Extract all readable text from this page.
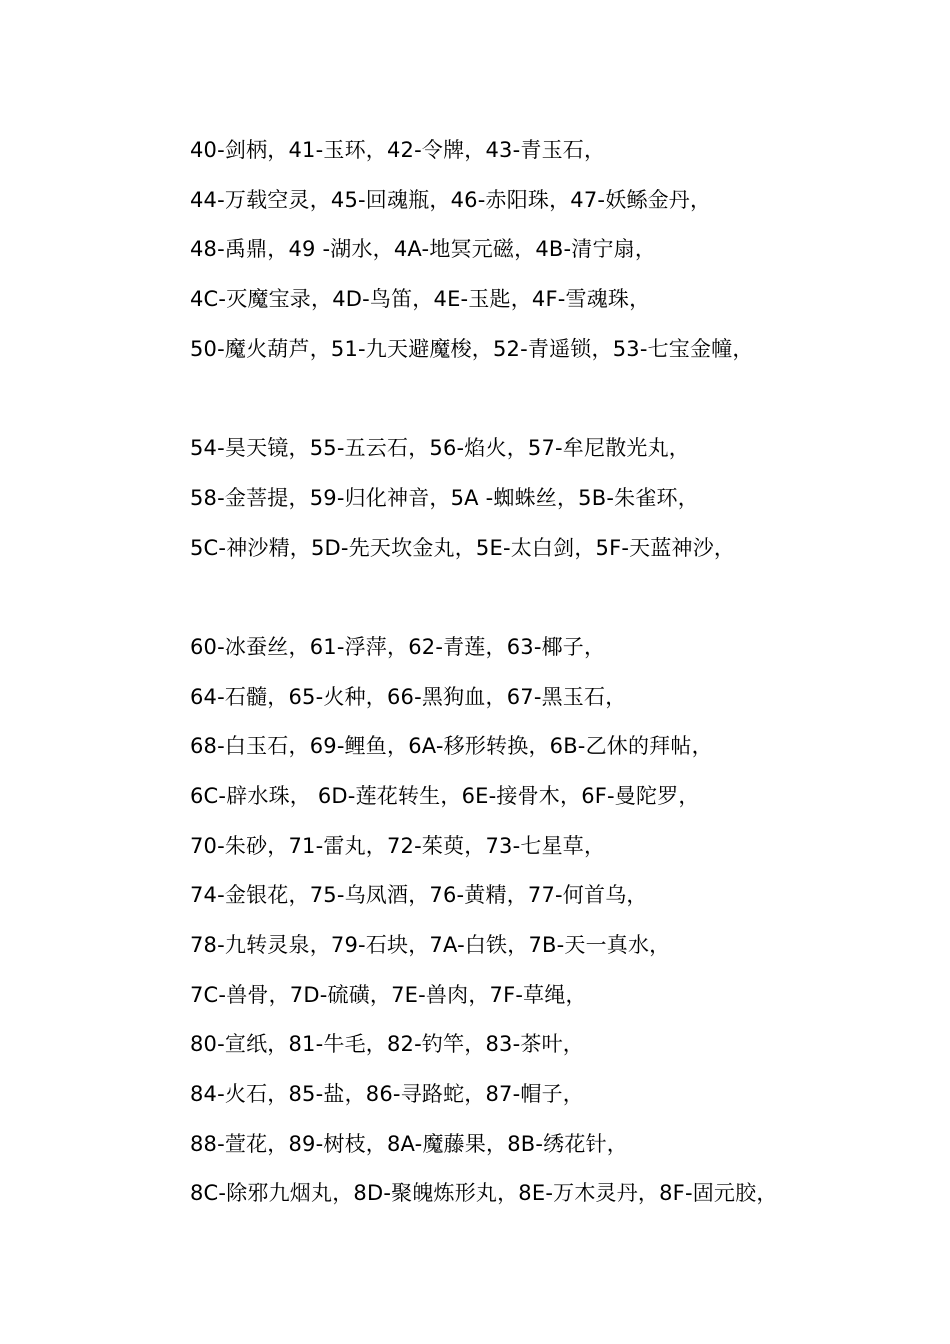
40-剑柄，41-玉环，42-令牌，43-青玉石，
44-万载空灵，45-回魂瓶，46-赤阳珠，47-妖鲧金丹，
48-禹鼎，49 -湖水，4A-地冥元磁，4B-清宁扇，
4C-灭魔宝录，4D-鸟笛，4E-玉匙，4F-雪魂珠，
50-魔火葫芦，51-九天避魔梭，52-青遥锁，53-七宝金幢，
54-昊天镜，55-五云石，56-焰火，57-牟尼散光丸，
58-金菩提，59-归化神音，5A -蜘蛛丝，5B-朱雀环，
5C-神沙精，5D-先天坎金丸，5E-太白剑，5F-天蓝神沙，
60-冰蚕丝，61-浮萍，62-青莲，63-椰子，
64-石髓，65-火种，66-黑狗血，67-黑玉石，
68-白玉石，69-鲤鱼，6A-移形转换，6B-乙休的拜帖，
6C-辟水珠， 6D-莲花转生，6E-接骨木，6F-曼陀罗，
70-朱砂，71-雷丸，72-茱萸，73-七星草，
74-金银花，75-乌凤酒，76-黄精，77-何首乌，
78-九转灵泉，79-石块，7A-白铁，7B-天一真水，
7C-兽骨，7D-硫磺，7E-兽肉，7F-草绳，
80-宣纸，81-牛毛，82-钓竿，83-茶叶，
84-火石，85-盐，86-寻路蛇，87-帽子，
88-萱花，89-树枝，8A-魔藤果，8B-绣花针，
8C-除邪九烟丸，8D-聚魄炼形丸，8E-万木灵丹，8F-固元胶，
